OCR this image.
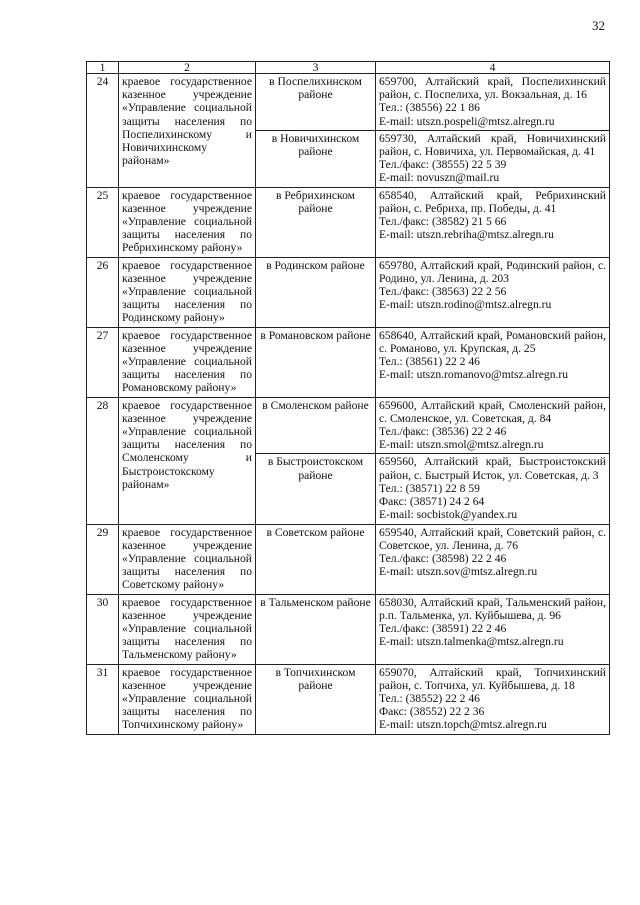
32
1	2	3	4
24	краевое государственное казенное учреждение «Управление социальной защиты населения по Поспелихинскому и Новичихинскому районам»	в Поспелихинском районе	659700, Алтайский край, Поспелихинский район, с. Поспелиха, ул. Вокзальная, д. 16
Тел.: (38556) 22 1 86
E-mail: utszn.pospeli@mtsz.alregn.ru

		в Новичихинском районе	659730, Алтайский край, Новичихинский район, с. Новичиха, ул. Первомайская, д. 41
Тел./факс: (38555) 22 5 39
E-mail: novuszn@mail.ru

25	краевое государственное казенное учреждение «Управление социальной защиты населения по Ребрихинскому району»	в Ребрихинском районе	658540, Алтайский край, Ребрихинский район, с. Ребриха, пр. Победы, д. 41
Тел./факс: (38582) 21 5 66
E-mail: utszn.rebriha@mtsz.alregn.ru

26	краевое государственное казенное учреждение «Управление социальной защиты населения по Родинскому району»	в Родинском районе	659780, Алтайский край, Родинский район, с. Родино, ул. Ленина, д. 203
Тел./факс: (38563) 22 2 56
E-mail: utszn.rodino@mtsz.alregn.ru

27	краевое государственное казенное учреждение «Управление социальной защиты населения по Романовскому району»	в Романовском районе	658640, Алтайский край, Романовский район, с. Романово, ул. Крупская, д. 25
Тел.: (38561) 22 2 46
E-mail: utszn.romanovo@mtsz.alregn.ru

28	краевое государственное казенное учреждение «Управление социальной защиты населения по Смоленскому и Быстроистокскому районам»	в Смоленском районе	659600, Алтайский край, Смоленский район, с. Смоленское, ул. Советская, д. 84
Тел./факс: (38536) 22 2 46
E-mail: utszn.smol@mtsz.alregn.ru

		в Быстроистокском районе	659560, Алтайский край, Быстроистокский район, с. Быстрый Исток, ул. Советская, д. 3
Тел.: (38571) 22 8 59
Факс: (38571) 24 2 64
E-mail: socbistok@yandex.ru

29	краевое государственное казенное учреждение «Управление социальной защиты населения по Советскому району»	в Советском районе	659540, Алтайский край, Советский район, с. Советское, ул. Ленина, д. 76
Тел./факс: (38598) 22 2 46
E-mail: utszn.sov@mtsz.alregn.ru

30	краевое государственное казенное учреждение «Управление социальной защиты населения по Тальменскому району»	в Тальменском районе	658030, Алтайский край, Тальменский район, р.п. Тальменка, ул. Куйбышева, д. 96
Тел./факс: (38591) 22 2 46
E-mail: utszn.talmenka@mtsz.alregn.ru

31	краевое государственное казенное учреждение «Управление социальной защиты населения по Топчихинскому району»	в Топчихинском районе	659070, Алтайский край, Топчихинский район, с. Топчиха, ул. Куйбышева, д. 18
Тел.: (38552) 22 2 46
Факс: (38552) 22 2 36
E-mail: utszn.topch@mtsz.alregn.ru
